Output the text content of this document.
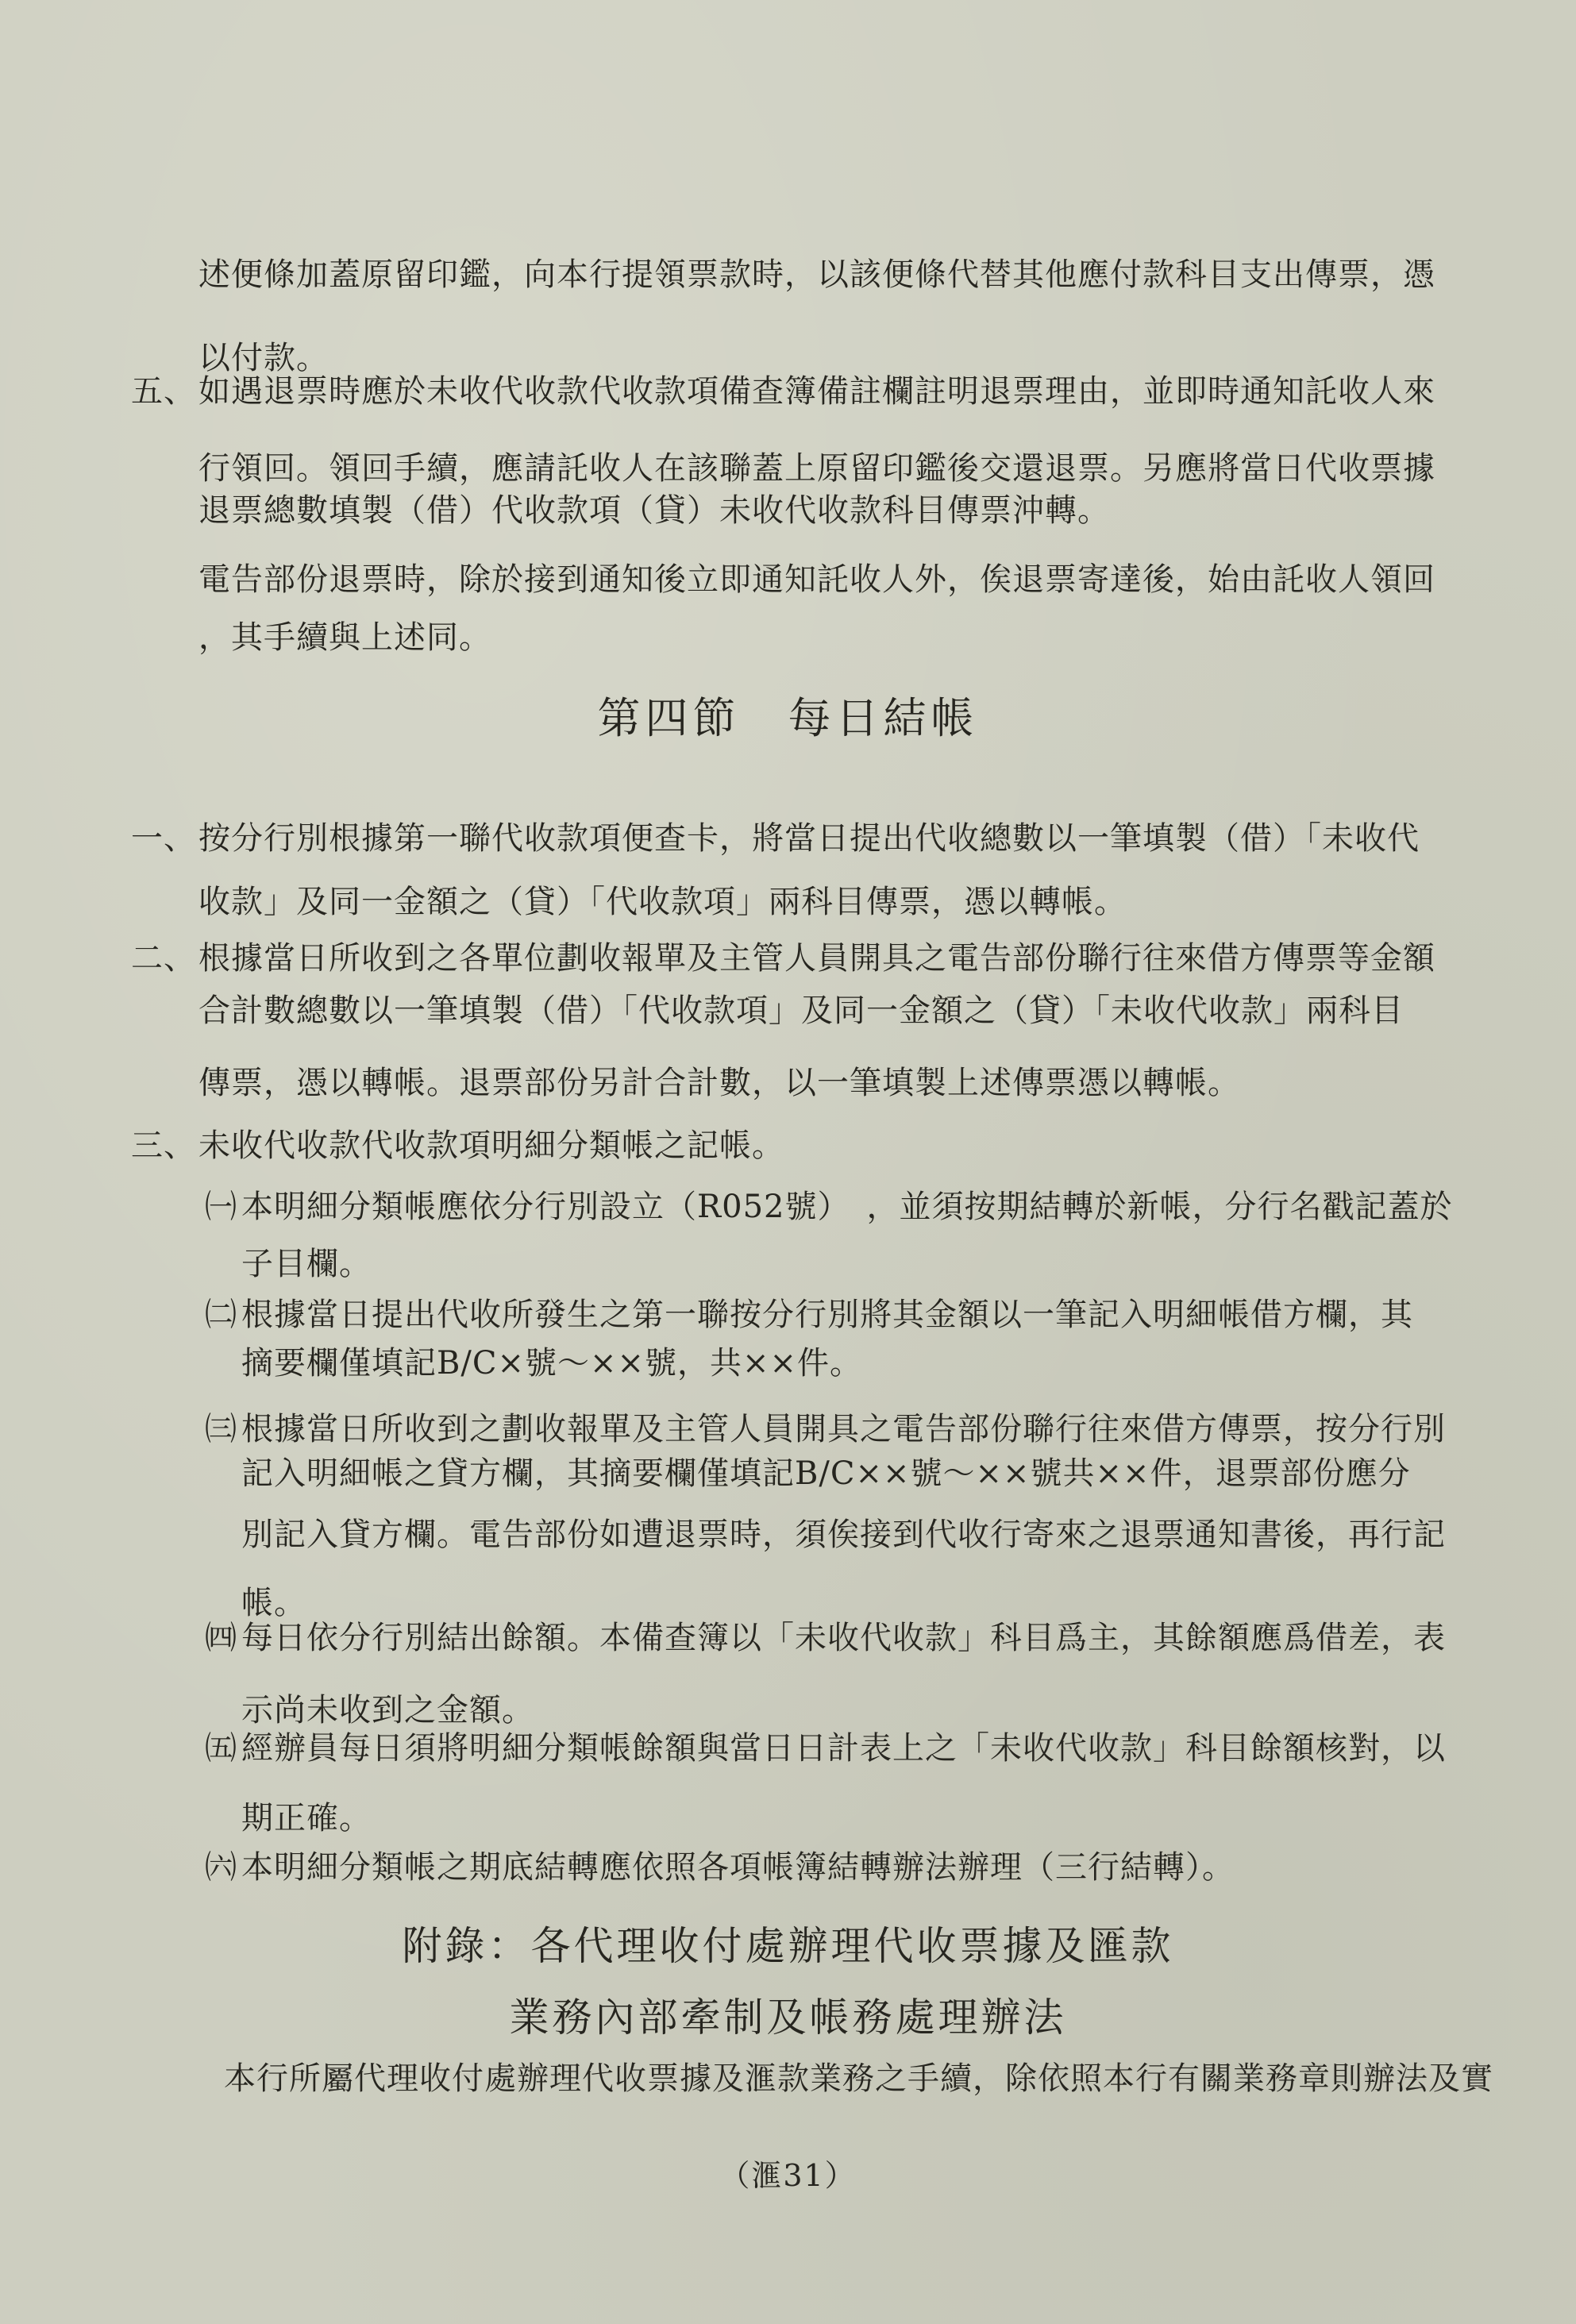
述便條加蓋原留印鑑，向本行提領票款時，以該便條代替其他應付款科目支出傳票，憑
以付款。
五、 如遇退票時應於未收代收款代收款項備查簿備註欄註明退票理由，並即時通知託收人來
行領回。領回手續，應請託收人在該聯蓋上原留印鑑後交還退票。另應將當日代收票據
退票總數填製（借）代收款項（貸）未收代收款科目傳票沖轉。
電告部份退票時，除於接到通知後立即通知託收人外，俟退票寄達後，始由託收人領回
，其手續與上述同。
第四節　每日結帳
一、 按分行別根據第一聯代收款項便查卡，將當日提出代收總數以一筆填製（借）「未收代
收款」及同一金額之（貸）「代收款項」兩科目傳票，憑以轉帳。
二、 根據當日所收到之各單位劃收報單及主管人員開具之電告部份聯行往來借方傳票等金額
合計數總數以一筆填製（借）「代收款項」及同一金額之（貸）「未收代收款」兩科目
傳票，憑以轉帳。退票部份另計合計數，以一筆填製上述傳票憑以轉帳。
三、 未收代收款代收款項明細分類帳之記帳。
㈠ 本明細分類帳應依分行別設立（R052號）　，並須按期結轉於新帳，分行名戳記蓋於
子目欄。
㈡ 根據當日提出代收所發生之第一聯按分行別將其金額以一筆記入明細帳借方欄，其
摘要欄僅填記B/C×號～××號，共××件。
㈢ 根據當日所收到之劃收報單及主管人員開具之電告部份聯行往來借方傳票，按分行別
記入明細帳之貸方欄，其摘要欄僅填記B/C××號～××號共××件，退票部份應分
別記入貸方欄。電告部份如遭退票時，須俟接到代收行寄來之退票通知書後，再行記
帳。
㈣ 每日依分行別結出餘額。本備查簿以「未收代收款」科目爲主，其餘額應爲借差，表
示尚未收到之金額。
㈤ 經辦員每日須將明細分類帳餘額與當日日計表上之「未收代收款」科目餘額核對，以
期正確。
㈥ 本明細分類帳之期底結轉應依照各項帳簿結轉辦法辦理（三行結轉）。
附錄：各代理收付處辦理代收票據及匯款
業務內部牽制及帳務處理辦法
本行所屬代理收付處辦理代收票據及滙款業務之手續，除依照本行有關業務章則辦法及實
（滙31）
